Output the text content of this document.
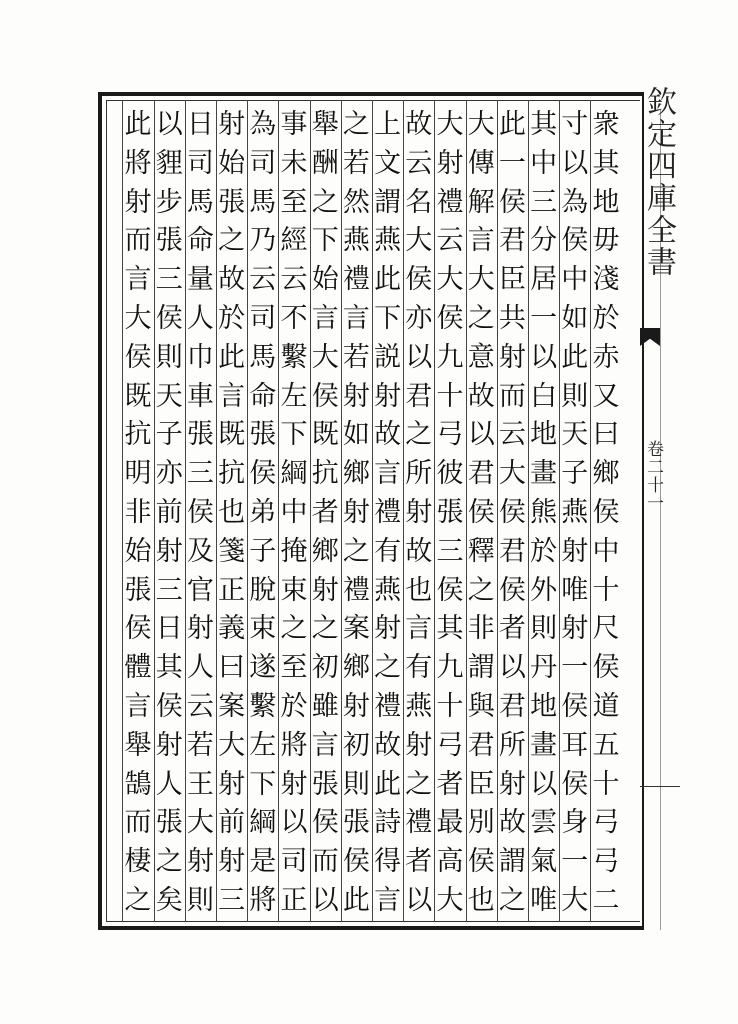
衆
其
地
毋
淺
於
赤
又
曰
鄉
侯
中
十
尺
侯
道
五
十
弓
弓
二
寸
以
為
侯
中
如
此
則
天
子
燕
射
唯
射
一
侯
耳
侯
身
一
大
其
中
三
分
居
一
以
白
地
畫
熊
於
外
則
丹
地
畫
以
雲
氣
唯
此
一
侯
君
臣
共
射
而
云
大
侯
君
侯
者
以
君
所
射
故
謂
之
大
傳
解
言
大
之
意
故
以
君
侯
釋
之
非
謂
與
君
臣
別
侯
也
大
射
禮
云
大
侯
九
十
弓
彼
張
三
侯
其
九
十
弓
者
最
高
大
故
云
名
大
侯
亦
以
君
之
所
射
故
也
言
有
燕
射
之
禮
者
以
上
文
謂
燕
此
下
説
射
故
言
禮
有
燕
射
之
禮
故
此
詩
得
言
之
若
然
燕
禮
言
若
射
如
鄉
射
之
禮
案
鄉
射
初
則
張
侯
此
舉
酬
之
下
始
言
大
侯
既
抗
者
鄉
射
之
初
雖
言
張
侯
而
以
事
未
至
經
云
不
繫
左
下
綱
中
掩
束
之
至
於
將
射
以
司
正
為
司
馬
乃
云
司
馬
命
張
侯
弟
子
脫
束
遂
繫
左
下
綱
是
將
射
始
張
之
故
於
此
言
既
抗
也
箋
正
義
曰
案
大
射
前
射
三
日
司
馬
命
量
人
巾
車
張
三
侯
及
官
射
人
云
若
王
大
射
則
以
貍
步
張
三
侯
則
天
子
亦
前
射
三
日
其
侯
射
人
張
之
矣
此
將
射
而
言
大
侯
既
抗
明
非
始
張
侯
體
言
舉
鵠
而
棲
之
欽定四庫全書
卷二十一
